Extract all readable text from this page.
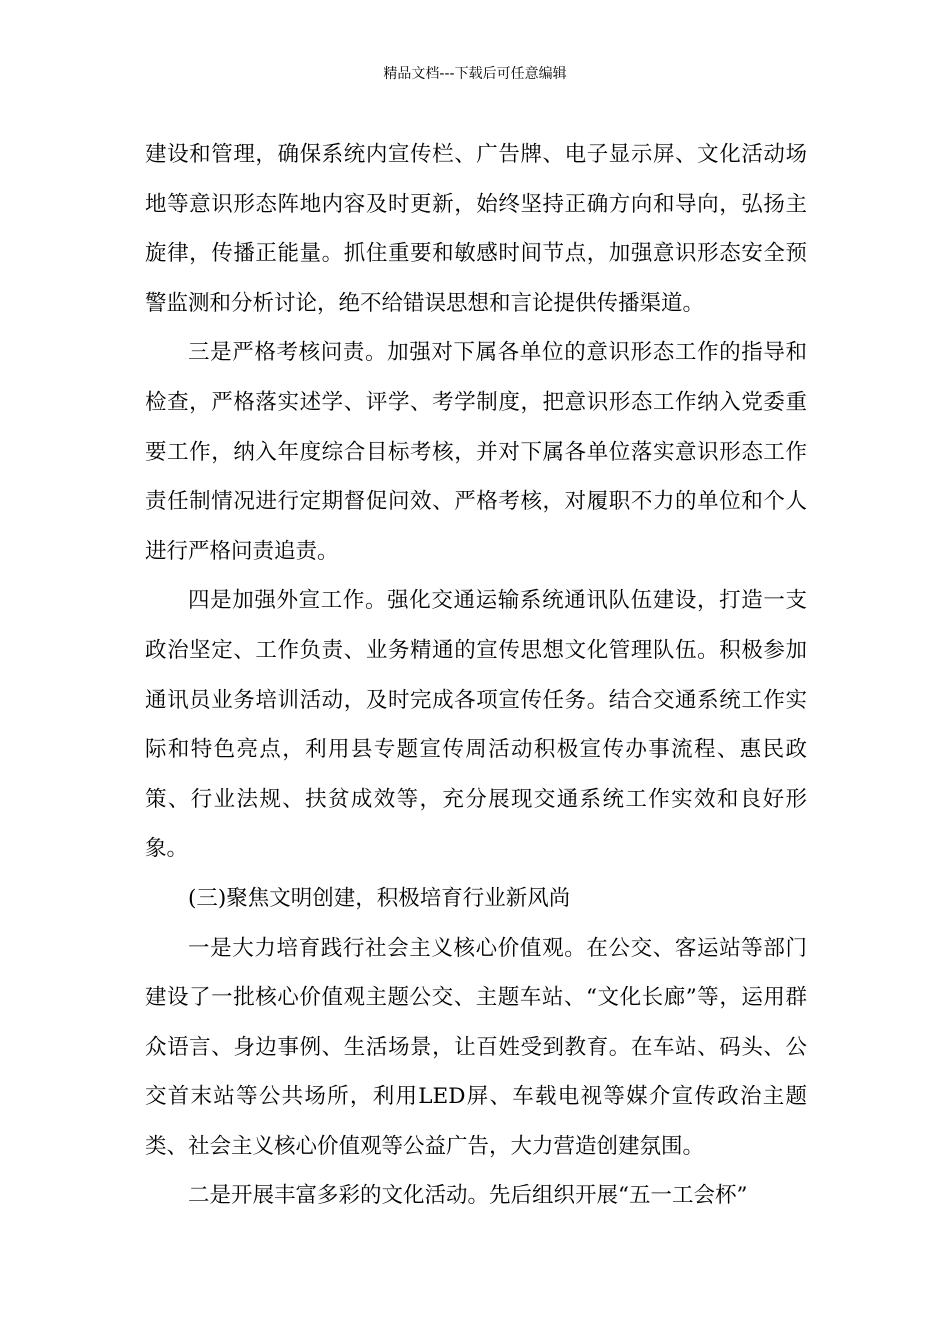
精品文档---下载后可任意编辑

建设和管理，确保系统内宣传栏、广告牌、电子显示屏、文化活动场地等意识形态阵地内容及时更新，始终坚持正确方向和导向，弘扬主旋律，传播正能量。抓住重要和敏感时间节点，加强意识形态安全预警监测和分析讨论，绝不给错误思想和言论提供传播渠道。

三是严格考核问责。加强对下属各单位的意识形态工作的指导和检查，严格落实述学、评学、考学制度，把意识形态工作纳入党委重要工作，纳入年度综合目标考核，并对下属各单位落实意识形态工作责任制情况进行定期督促问效、严格考核，对履职不力的单位和个人进行严格问责追责。

四是加强外宣工作。强化交通运输系统通讯队伍建设，打造一支政治坚定、工作负责、业务精通的宣传思想文化管理队伍。积极参加通讯员业务培训活动，及时完成各项宣传任务。结合交通系统工作实际和特色亮点，利用县专题宣传周活动积极宣传办事流程、惠民政策、行业法规、扶贫成效等，充分展现交通系统工作实效和良好形象。

(三)聚焦文明创建，积极培育行业新风尚

一是大力培育践行社会主义核心价值观。在公交、客运站等部门建设了一批核心价值观主题公交、主题车站、“文化长廊”等，运用群众语言、身边事例、生活场景，让百姓受到教育。在车站、码头、公交首末站等公共场所，利用LED屏、车载电视等媒介宣传政治主题类、社会主义核心价值观等公益广告，大力营造创建氛围。

二是开展丰富多彩的文化活动。先后组织开展“五一工会杯”
